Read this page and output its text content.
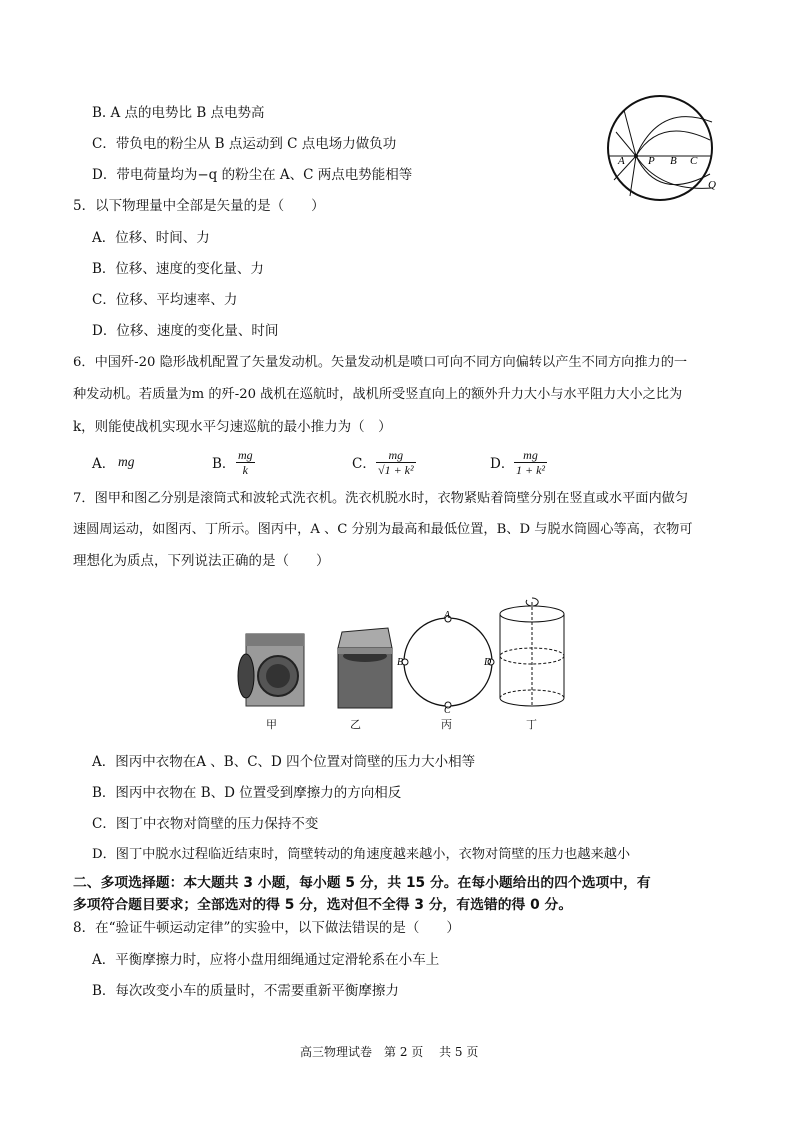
B. A 点的电势比 B 点电势高
C．带负电的粉尘从 B 点运动到 C 点电场力做负功
D．带电荷量均为−q 的粉尘在 A、C 两点电势能相等
A P B C
Q
5．以下物理量中全部是矢量的是（　　）
A．位移、时间、力
B．位移、速度的变化量、力
C．位移、平均速率、力
D．位移、速度的变化量、时间
6．中国歼-20 隐形战机配置了矢量发动机。矢量发动机是喷口可向不同方向偏转以产生不同方向推力的一
种发动机。若质量为m 的歼-20 战机在巡航时，战机所受竖直向上的额外升力大小与水平阻力大小之比为
k，则能使战机实现水平匀速巡航的最小推力为（　）
A． mg	B． $\frac{mg}{k}$	C． $\frac{mg}{\text{√1 + k²}}$	D． $\frac{mg}{\text{1 + k²}}$
7．图甲和图乙分别是滚筒式和波轮式洗衣机。洗衣机脱水时，衣物紧贴着筒壁分别在竖直或水平面内做匀
速圆周运动，如图丙、丁所示。图丙中，A 、C 分别为最高和最低位置，B、D 与脱水筒圆心等高，衣物可
理想化为质点，下列说法正确的是（　　）
甲	乙
A
B
C
D
丙	丁
A．图丙中衣物在A 、B、C、D 四个位置对筒壁的压力大小相等
B．图丙中衣物在 B、D 位置受到摩擦力的方向相反
C．图丁中衣物对筒壁的压力保持不变
D．图丁中脱水过程临近结束时，筒壁转动的角速度越来越小，衣物对筒壁的压力也越来越小
二、多项选择题：本大题共 3 小题，每小题 5 分，共 15 分。在每小题给出的四个选项中，有
多项符合题目要求；全部选对的得 5 分，选对但不全得 3 分，有选错的得 0 分。
8．在“验证牛顿运动定律”的实验中，以下做法错误的是（　　）
A．平衡摩擦力时，应将小盘用细绳通过定滑轮系在小车上
B．每次改变小车的质量时，不需要重新平衡摩擦力
高三物理试卷　第 2 页　 共 5 页
